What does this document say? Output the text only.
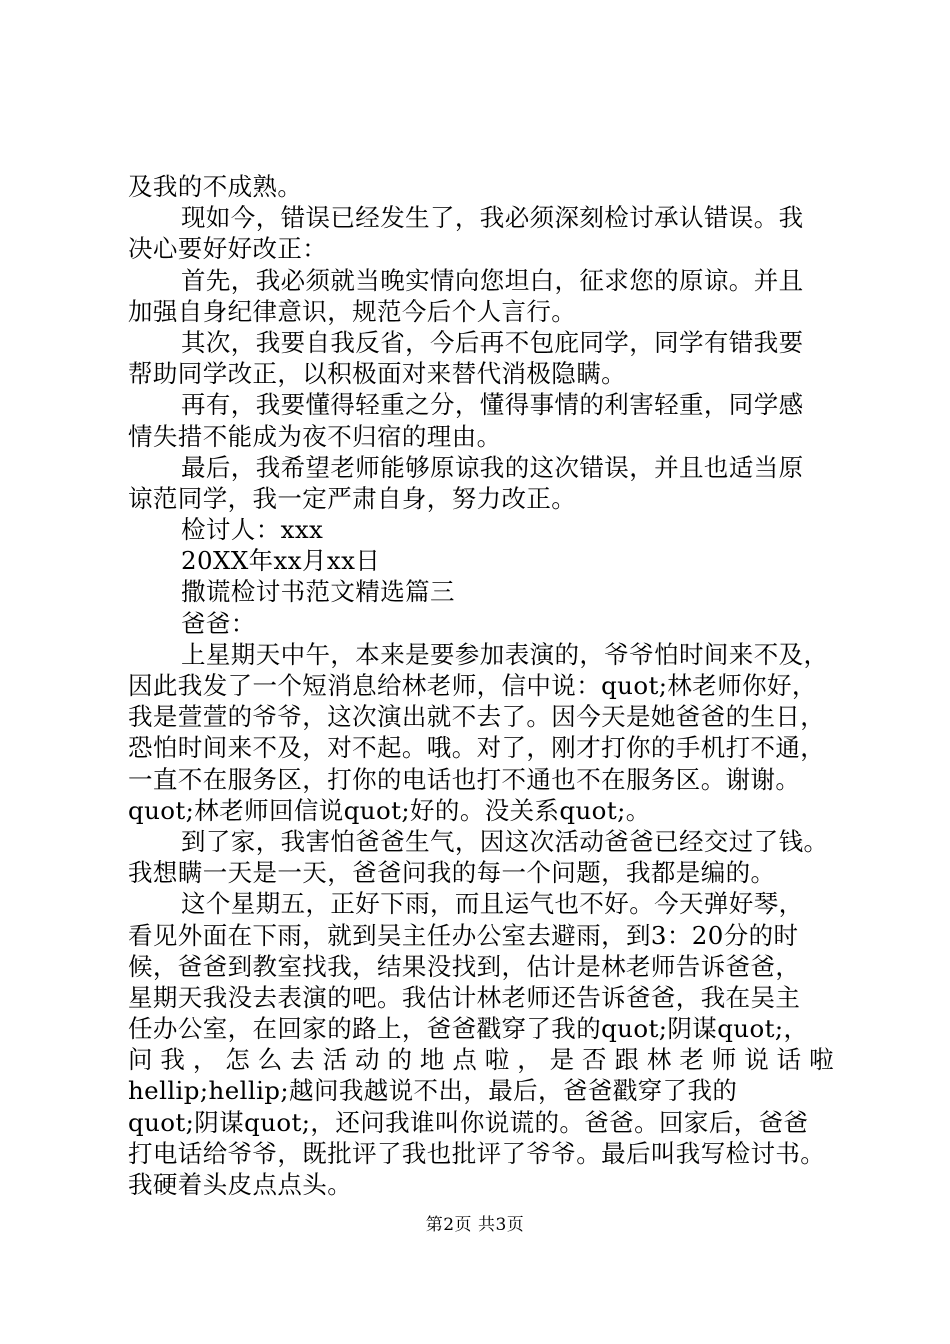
及我的不成熟。
现如今，错误已经发生了，我必须深刻检讨承认错误。我
决心要好好改正：
首先，我必须就当晚实情向您坦白，征求您的原谅。并且
加强自身纪律意识，规范今后个人言行。
其次，我要自我反省，今后再不包庇同学，同学有错我要
帮助同学改正，以积极面对来替代消极隐瞒。
再有，我要懂得轻重之分，懂得事情的利害轻重，同学感
情失措不能成为夜不归宿的理由。
最后，我希望老师能够原谅我的这次错误，并且也适当原
谅范同学，我一定严肃自身，努力改正。
检讨人：xxx
20XX年xx月xx日
撒谎检讨书范文精选篇三
爸爸：
上星期天中午，本来是要参加表演的，爷爷怕时间来不及，
因此我发了一个短消息给林老师，信中说：quot;林老师你好，
我是萱萱的爷爷，这次演出就不去了。因今天是她爸爸的生日，
恐怕时间来不及，对不起。哦。对了，刚才打你的手机打不通，
一直不在服务区，打你的电话也打不通也不在服务区。谢谢。
quot;林老师回信说quot;好的。没关系quot;。
到了家，我害怕爸爸生气，因这次活动爸爸已经交过了钱。
我想瞒一天是一天，爸爸问我的每一个问题，我都是编的。
这个星期五，正好下雨，而且运气也不好。今天弹好琴，
看见外面在下雨，就到吴主任办公室去避雨，到3：20分的时
候，爸爸到教室找我，结果没找到，估计是林老师告诉爸爸，
星期天我没去表演的吧。我估计林老师还告诉爸爸，我在吴主
任办公室，在回家的路上，爸爸戳穿了我的quot;阴谋quot;，
问我，怎么去活动的地点啦，是否跟林老师说话啦
hellip;hellip;越问我越说不出，最后，爸爸戳穿了我的
quot;阴谋quot;，还问我谁叫你说谎的。爸爸。回家后，爸爸
打电话给爷爷，既批评了我也批评了爷爷。最后叫我写检讨书。
我硬着头皮点点头。
第2页 共3页
